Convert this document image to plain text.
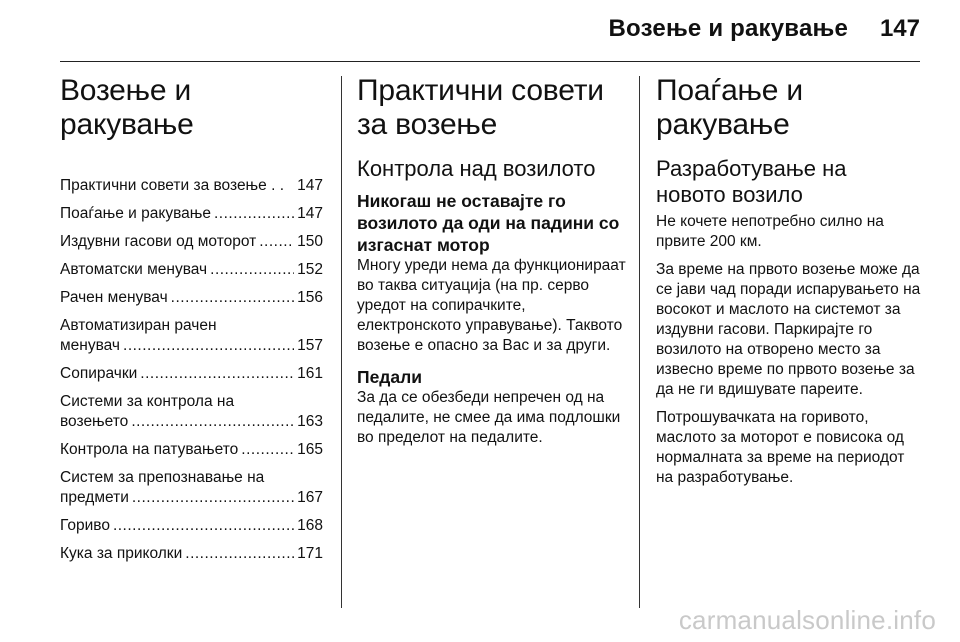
Возење и ракување 147
Возење и ракување
Практични совети за возење . . 147
Поаѓање и ракување .....	147
Издувни гасови од моторот .....	150
Автоматски менувач .....	152
Рачен менувач .....	156
Автоматизиран рачен
менувач .....	157
Сопирачки .....	161
Системи за контрола на
возењето .....	163
Контрола на патувањето .....	165
Систем за препознавање на
предмети .....	167
Гориво .....	168
Кука за приколки .....	171
Практични совети за возење
Контрола над возилото
Никогаш не оставајте го возилото да оди на падини со изгаснат мотор

Многу уреди нема да функционираат во таква ситуација (на пр. серво уредот на сопирачките, електронското управување). Таквото возење е опасно за Вас и за други.

Педали

За да се обезбеди непречен од на педалите, не смее да има подлошки во пределот на педалите.

Поаѓање и ракување
Разработување на новото возило

Не кочете непотребно силно на првите 200 км.

За време на првото возење може да се јави чад поради испарувањето на восокот и маслото на системот за издувни гасови. Паркирајте го возилото на отворено место за извесно време по првото возење за да не ги вдишувате пареите.

Потрошувачката на горивото, маслото за моторот е повисока од нормалната за време на периодот на разработување.

carmanualsonline.info
